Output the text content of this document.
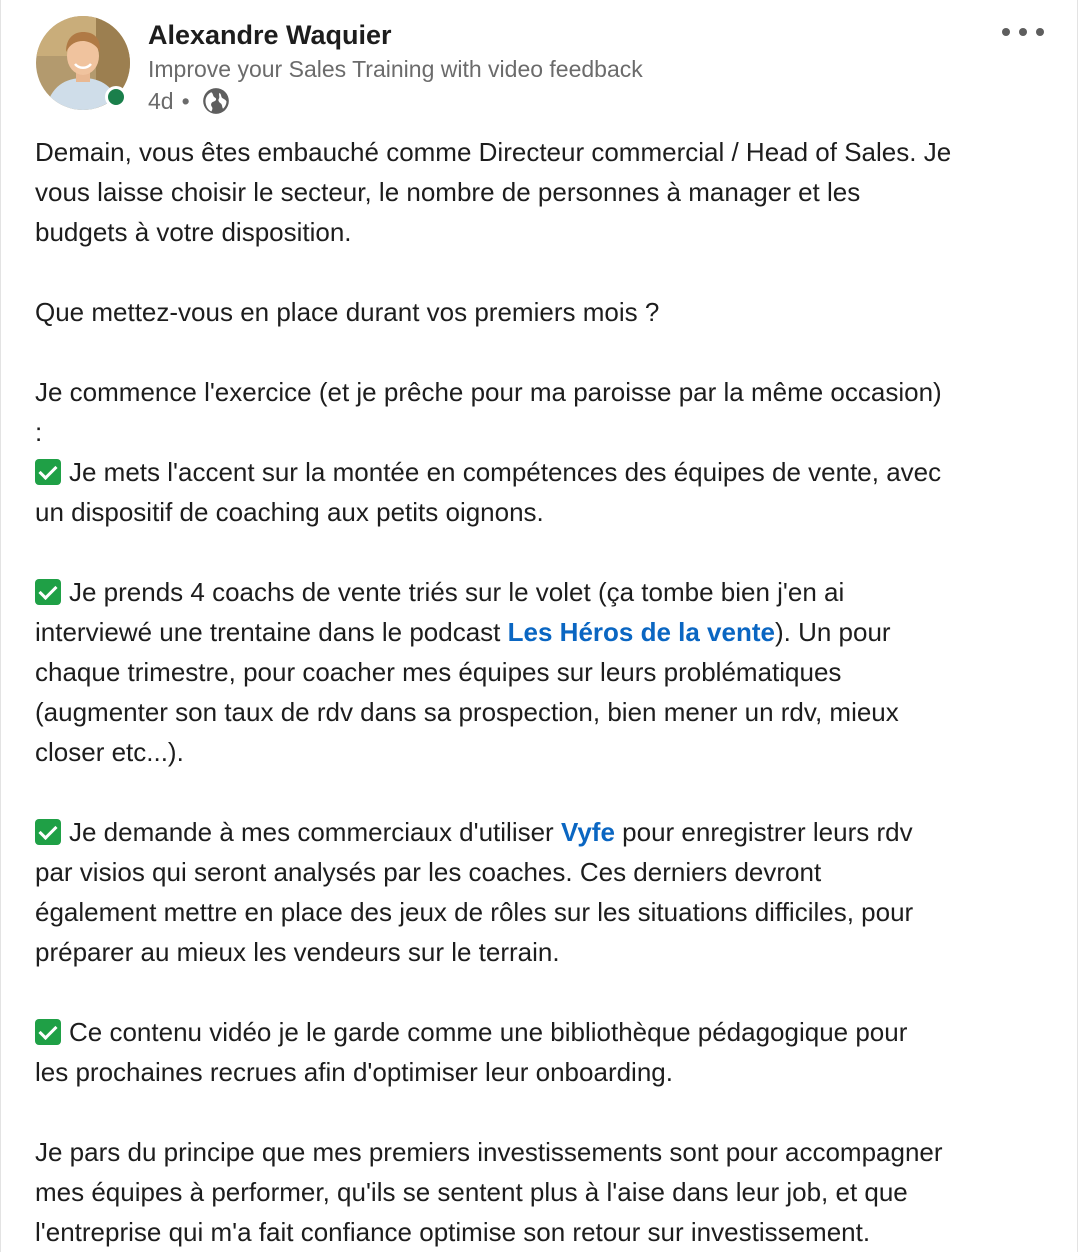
Alexandre Waquier
Improve your Sales Training with video feedback
4d •
Demain, vous êtes embauché comme Directeur commercial / Head of Sales. Je
vous laisse choisir le secteur, le nombre de personnes à manager et les
budgets à votre disposition.
Que mettez-vous en place durant vos premiers mois ?
Je commence l'exercice (et je prêche pour ma paroisse par la même occasion)
:
Je mets l'accent sur la montée en compétences des équipes de vente, avec
un dispositif de coaching aux petits oignons.
Je prends 4 coachs de vente triés sur le volet (ça tombe bien j'en ai
interviewé une trentaine dans le podcast Les Héros de la vente). Un pour
chaque trimestre, pour coacher mes équipes sur leurs problématiques
(augmenter son taux de rdv dans sa prospection, bien mener un rdv, mieux
closer etc...).
Je demande à mes commerciaux d'utiliser Vyfe pour enregistrer leurs rdv
par visios qui seront analysés par les coaches. Ces derniers devront
également mettre en place des jeux de rôles sur les situations difficiles, pour
préparer au mieux les vendeurs sur le terrain.
Ce contenu vidéo je le garde comme une bibliothèque pédagogique pour
les prochaines recrues afin d'optimiser leur onboarding.
Je pars du principe que mes premiers investissements sont pour accompagner
mes équipes à performer, qu'ils se sentent plus à l'aise dans leur job, et que
l'entreprise qui m'a fait confiance optimise son retour sur investissement.
